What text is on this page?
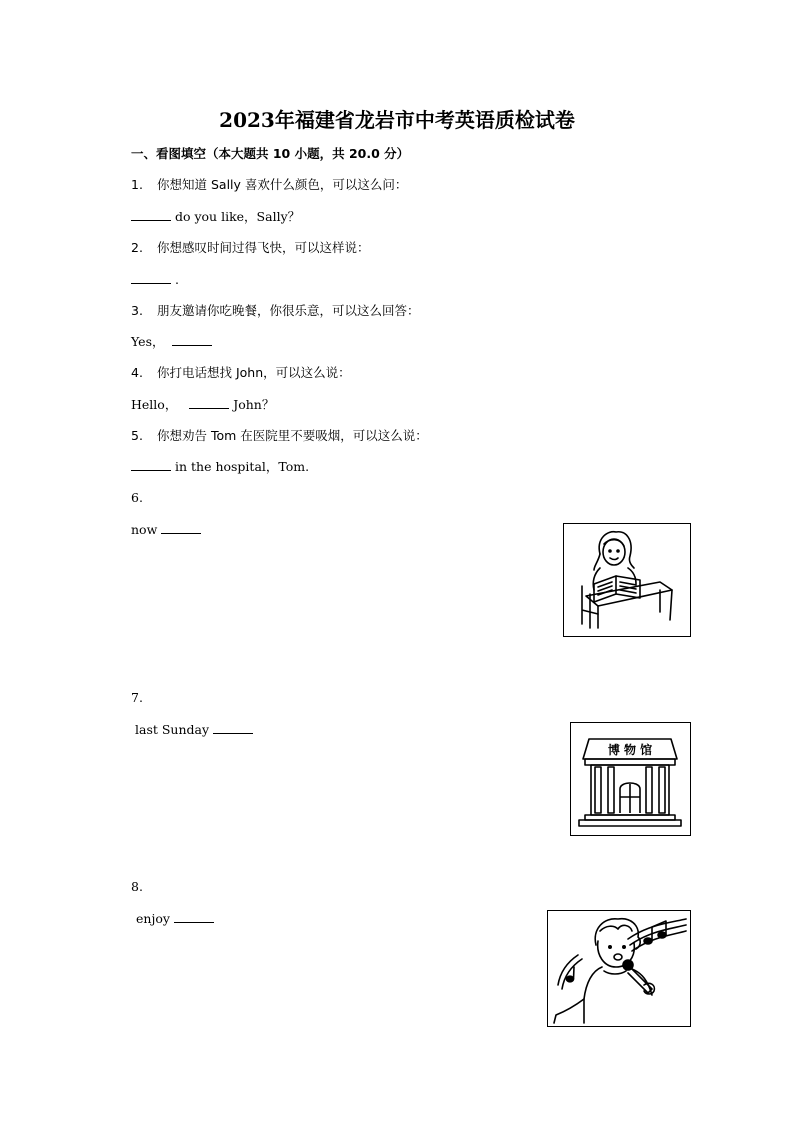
2023年福建省龙岩市中考英语质检试卷
一、看图填空（本大题共 10 小题，共 20.0 分）
1. 你想知道 Sally 喜欢什么颜色，可以这么问：
do you like，Sally？
2. 你想感叹时间过得飞快，可以这样说：
.
3. 朋友邀请你吃晚餐，你很乐意，可以这么回答：
Yes，
4. 你打电话想找 John，可以这么说：
Hello，	John？
5. 你想劝告 Tom 在医院里不要吸烟，可以这么说：
in the hospital，Tom.
6.
now
7.
last Sunday
博 物 馆
8.
enjoy
